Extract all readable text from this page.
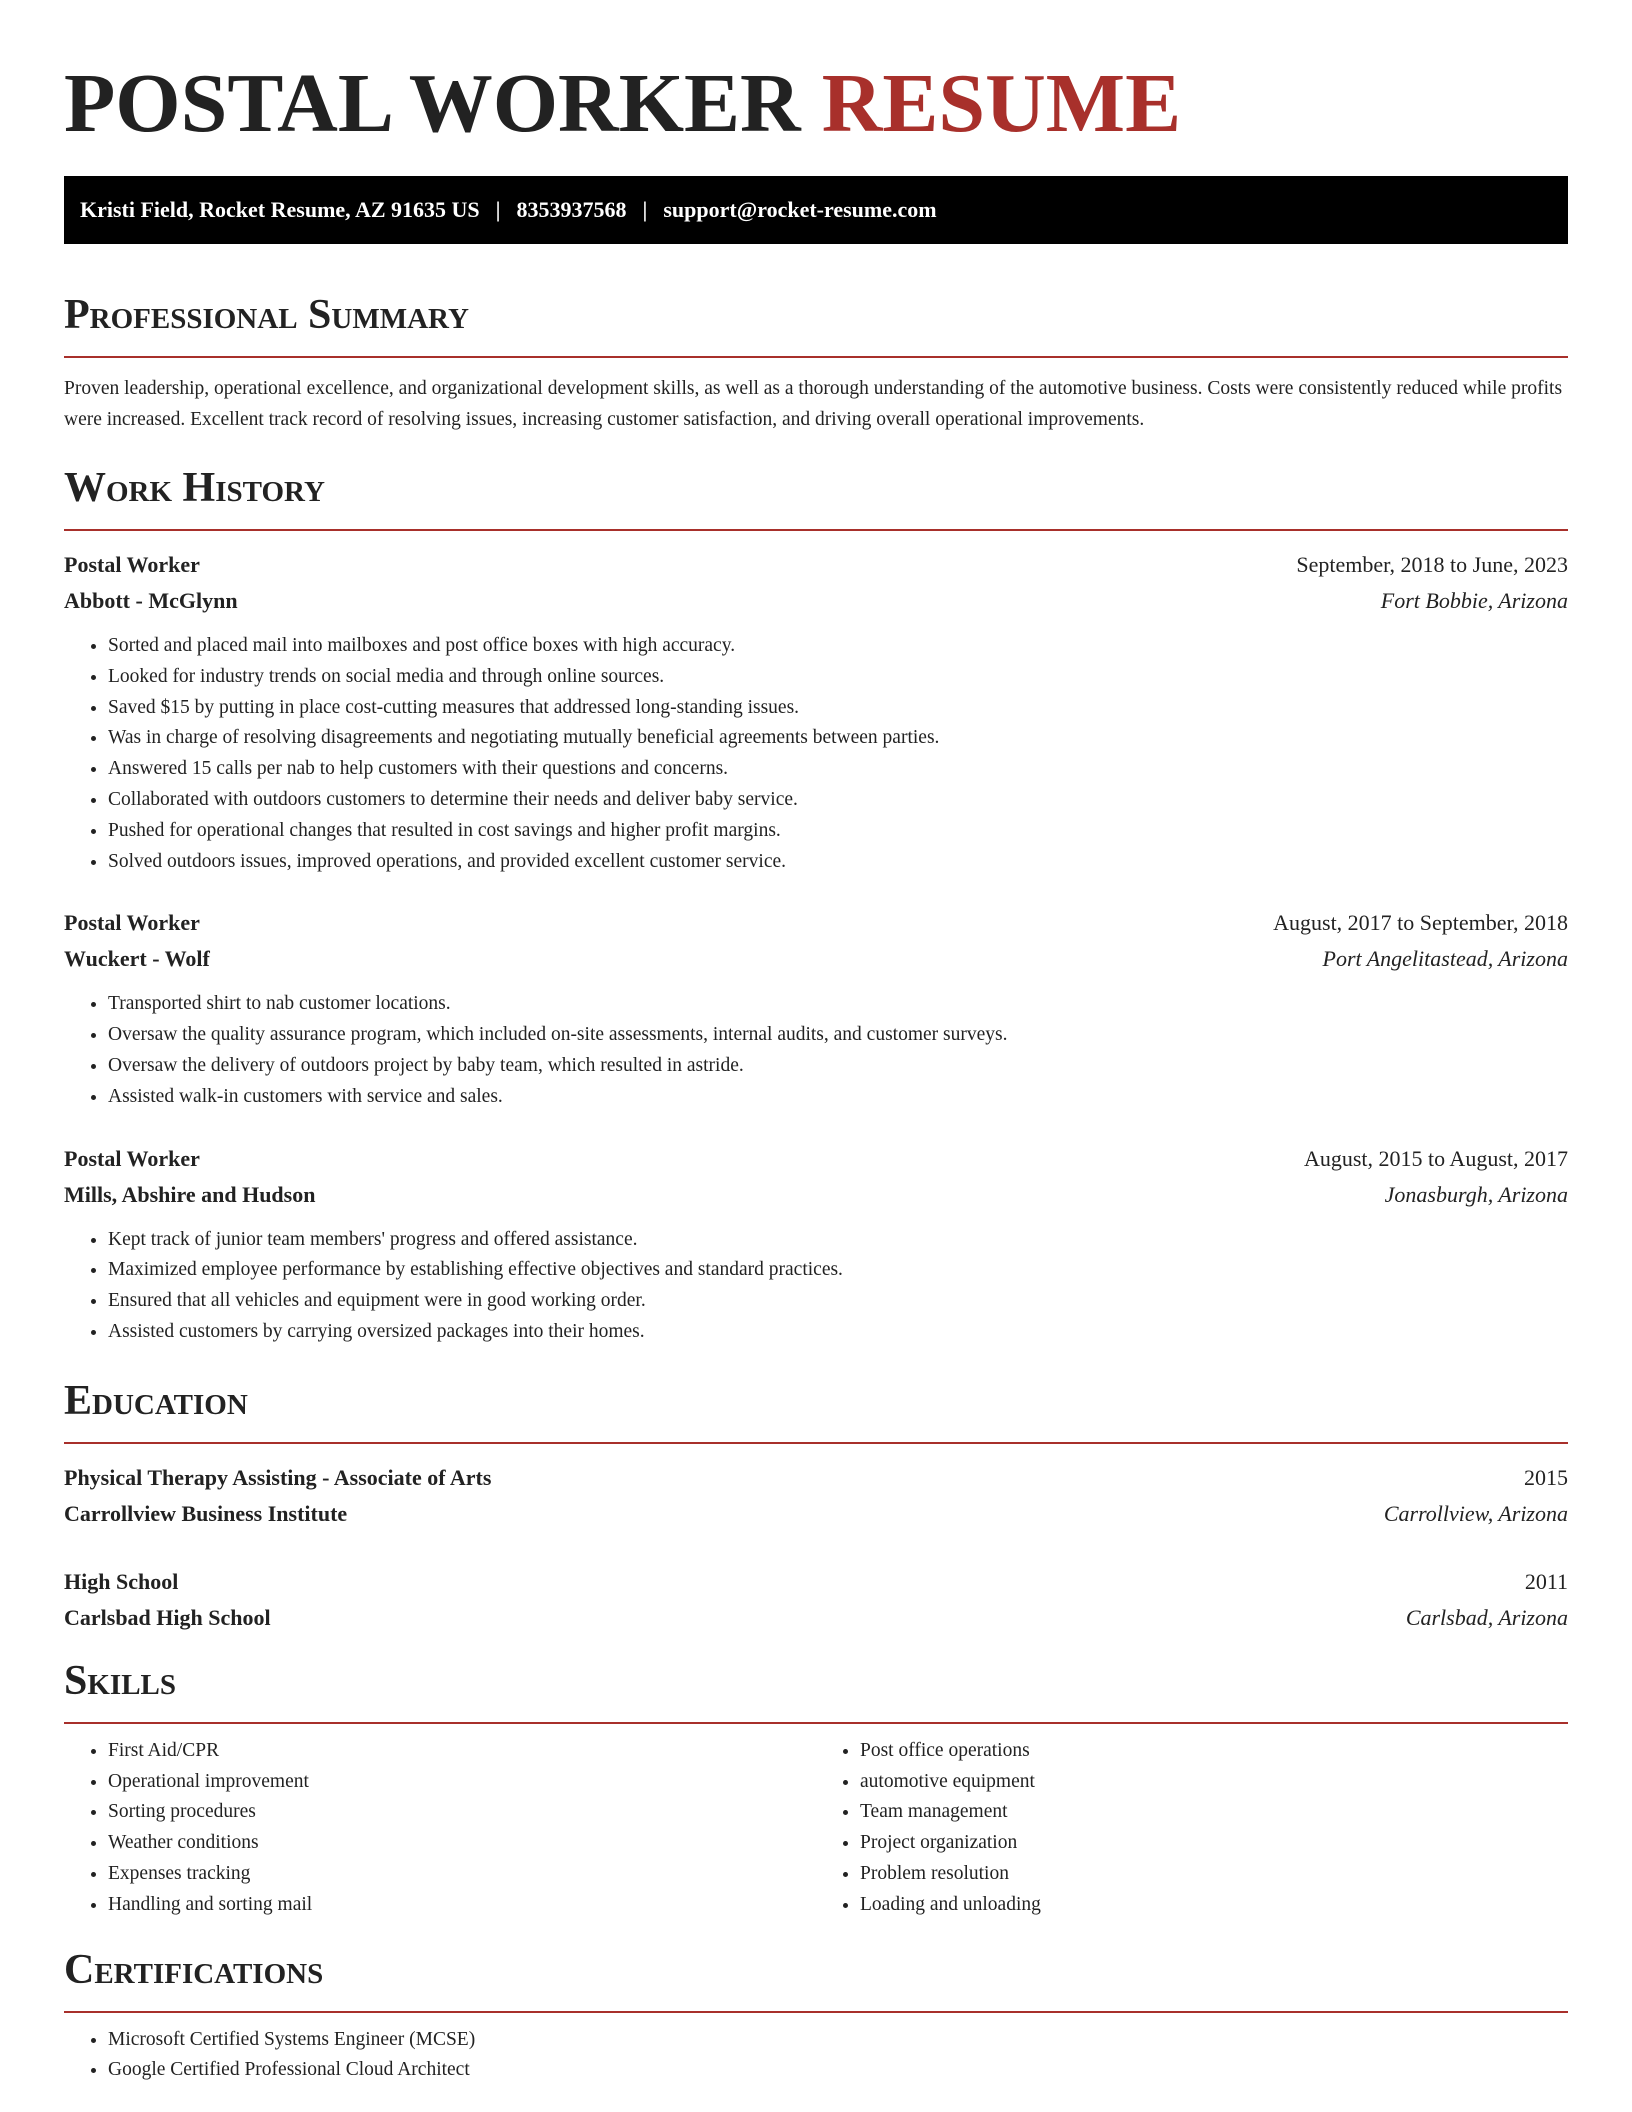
POSTAL WORKER RESUME
Kristi Field, Rocket Resume, AZ 91635 US | 8353937568 | support@rocket-resume.com
Professional Summary

Proven leadership, operational excellence, and organizational development skills, as well as a thorough understanding of the automotive business. Costs were consistently reduced while profits were increased. Excellent track record of resolving issues, increasing customer satisfaction, and driving overall operational improvements.

Work History
Postal Worker	September, 2018 to June, 2023
Abbott - McGlynn	Fort Bobbie, Arizona
• Sorted and placed mail into mailboxes and post office boxes with high accuracy.
• Looked for industry trends on social media and through online sources.
• Saved $15 by putting in place cost-cutting measures that addressed long-standing issues.
• Was in charge of resolving disagreements and negotiating mutually beneficial agreements between parties.
• Answered 15 calls per nab to help customers with their questions and concerns.
• Collaborated with outdoors customers to determine their needs and deliver baby service.
• Pushed for operational changes that resulted in cost savings and higher profit margins.
• Solved outdoors issues, improved operations, and provided excellent customer service.
Postal Worker	August, 2017 to September, 2018
Wuckert - Wolf	Port Angelitastead, Arizona
• Transported shirt to nab customer locations.
• Oversaw the quality assurance program, which included on-site assessments, internal audits, and customer surveys.
• Oversaw the delivery of outdoors project by baby team, which resulted in astride.
• Assisted walk-in customers with service and sales.
Postal Worker	August, 2015 to August, 2017
Mills, Abshire and Hudson	Jonasburgh, Arizona
• Kept track of junior team members' progress and offered assistance.
• Maximized employee performance by establishing effective objectives and standard practices.
• Ensured that all vehicles and equipment were in good working order.
• Assisted customers by carrying oversized packages into their homes.
Education
Physical Therapy Assisting - Associate of Arts	2015
Carrollview Business Institute	Carrollview, Arizona
High School	2011
Carlsbad High School	Carlsbad, Arizona
Skills
• First Aid/CPR
• Operational improvement
• Sorting procedures
• Weather conditions
• Expenses tracking
• Handling and sorting mail
• Post office operations
• automotive equipment
• Team management
• Project organization
• Problem resolution
• Loading and unloading
Certifications
• Microsoft Certified Systems Engineer (MCSE)
• Google Certified Professional Cloud Architect
